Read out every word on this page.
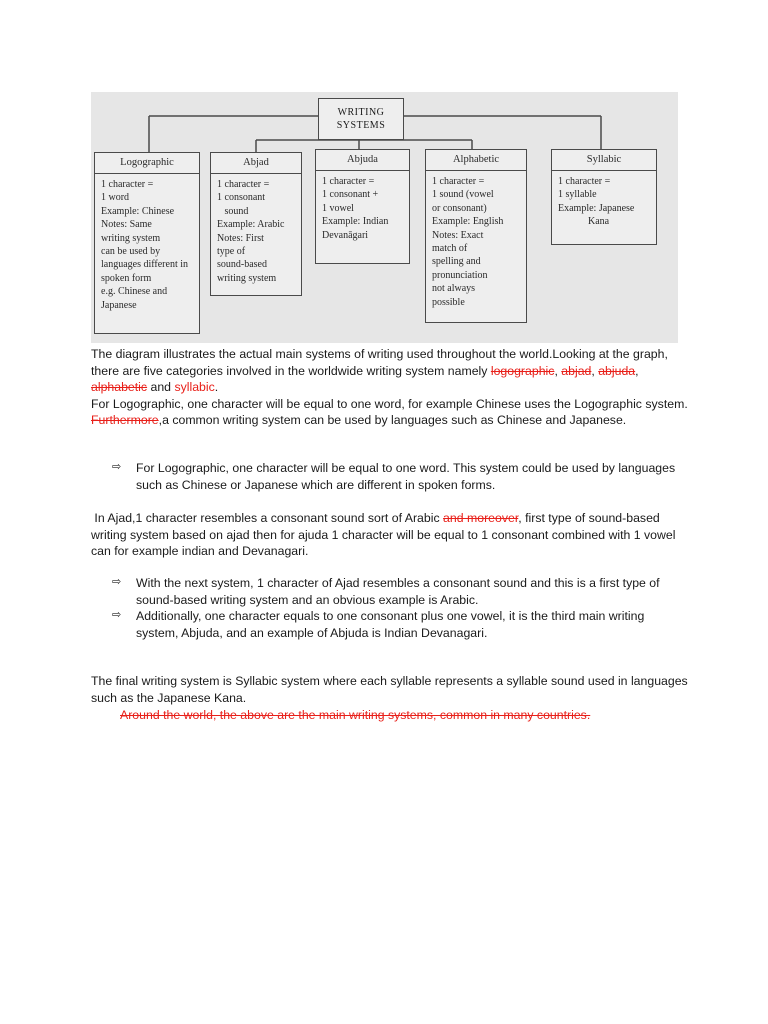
WRITING
SYSTEMS
Logographic
1 character =
1 word
Example: Chinese
Notes: Same
writing system
can be used by
languages different in
spoken form
e.g. Chinese and
Japanese
Abjad
1 character =
1 consonant
sound
Example: Arabic
Notes: First
type of
sound-based
writing system
Abjuda
1 character =
1 consonant +
1 vowel
Example: Indian
Devanāgari
Alphabetic
1 character =
1 sound (vowel
or consonant)
Example: English
Notes: Exact
match of
spelling and
pronunciation
not always
possible
Syllabic
1 character =
1 syllable
Example: Japanese
Kana

The diagram illustrates the actual main systems of writing used throughout the world.Looking at the graph, there are five categories involved in the worldwide writing system namely logographic, abjad, abjuda, alphabetic and syllabic.
For Logographic, one character will be equal to one word, for example Chinese uses the Logographic system. Furthermore,a common writing system can be used by languages such as Chinese and Japanese.

⇨	For Logographic, one character will be equal to one word. This system could be used by languages such as Chinese or Japanese which are different in spoken forms.

In Ajad,1 character resembles a consonant sound sort of Arabic and moreover, first type of sound-based writing system based on ajad then for ajuda 1 character will be equal to 1 consonant combined with 1 vowel can for example indian and Devanagari.

⇨	With the next system, 1 character of Ajad resembles a consonant sound and this is a first type of sound-based writing system and an obvious example is Arabic.
⇨	Additionally, one character equals to one consonant plus one vowel, it is the third main writing system, Abjuda, and an example of Abjuda is Indian Devanagari.

The final writing system is Syllabic system where each syllable represents a syllable sound used in languages such as the Japanese Kana.

Around the world, the above are the main writing systems, common in many countries.
